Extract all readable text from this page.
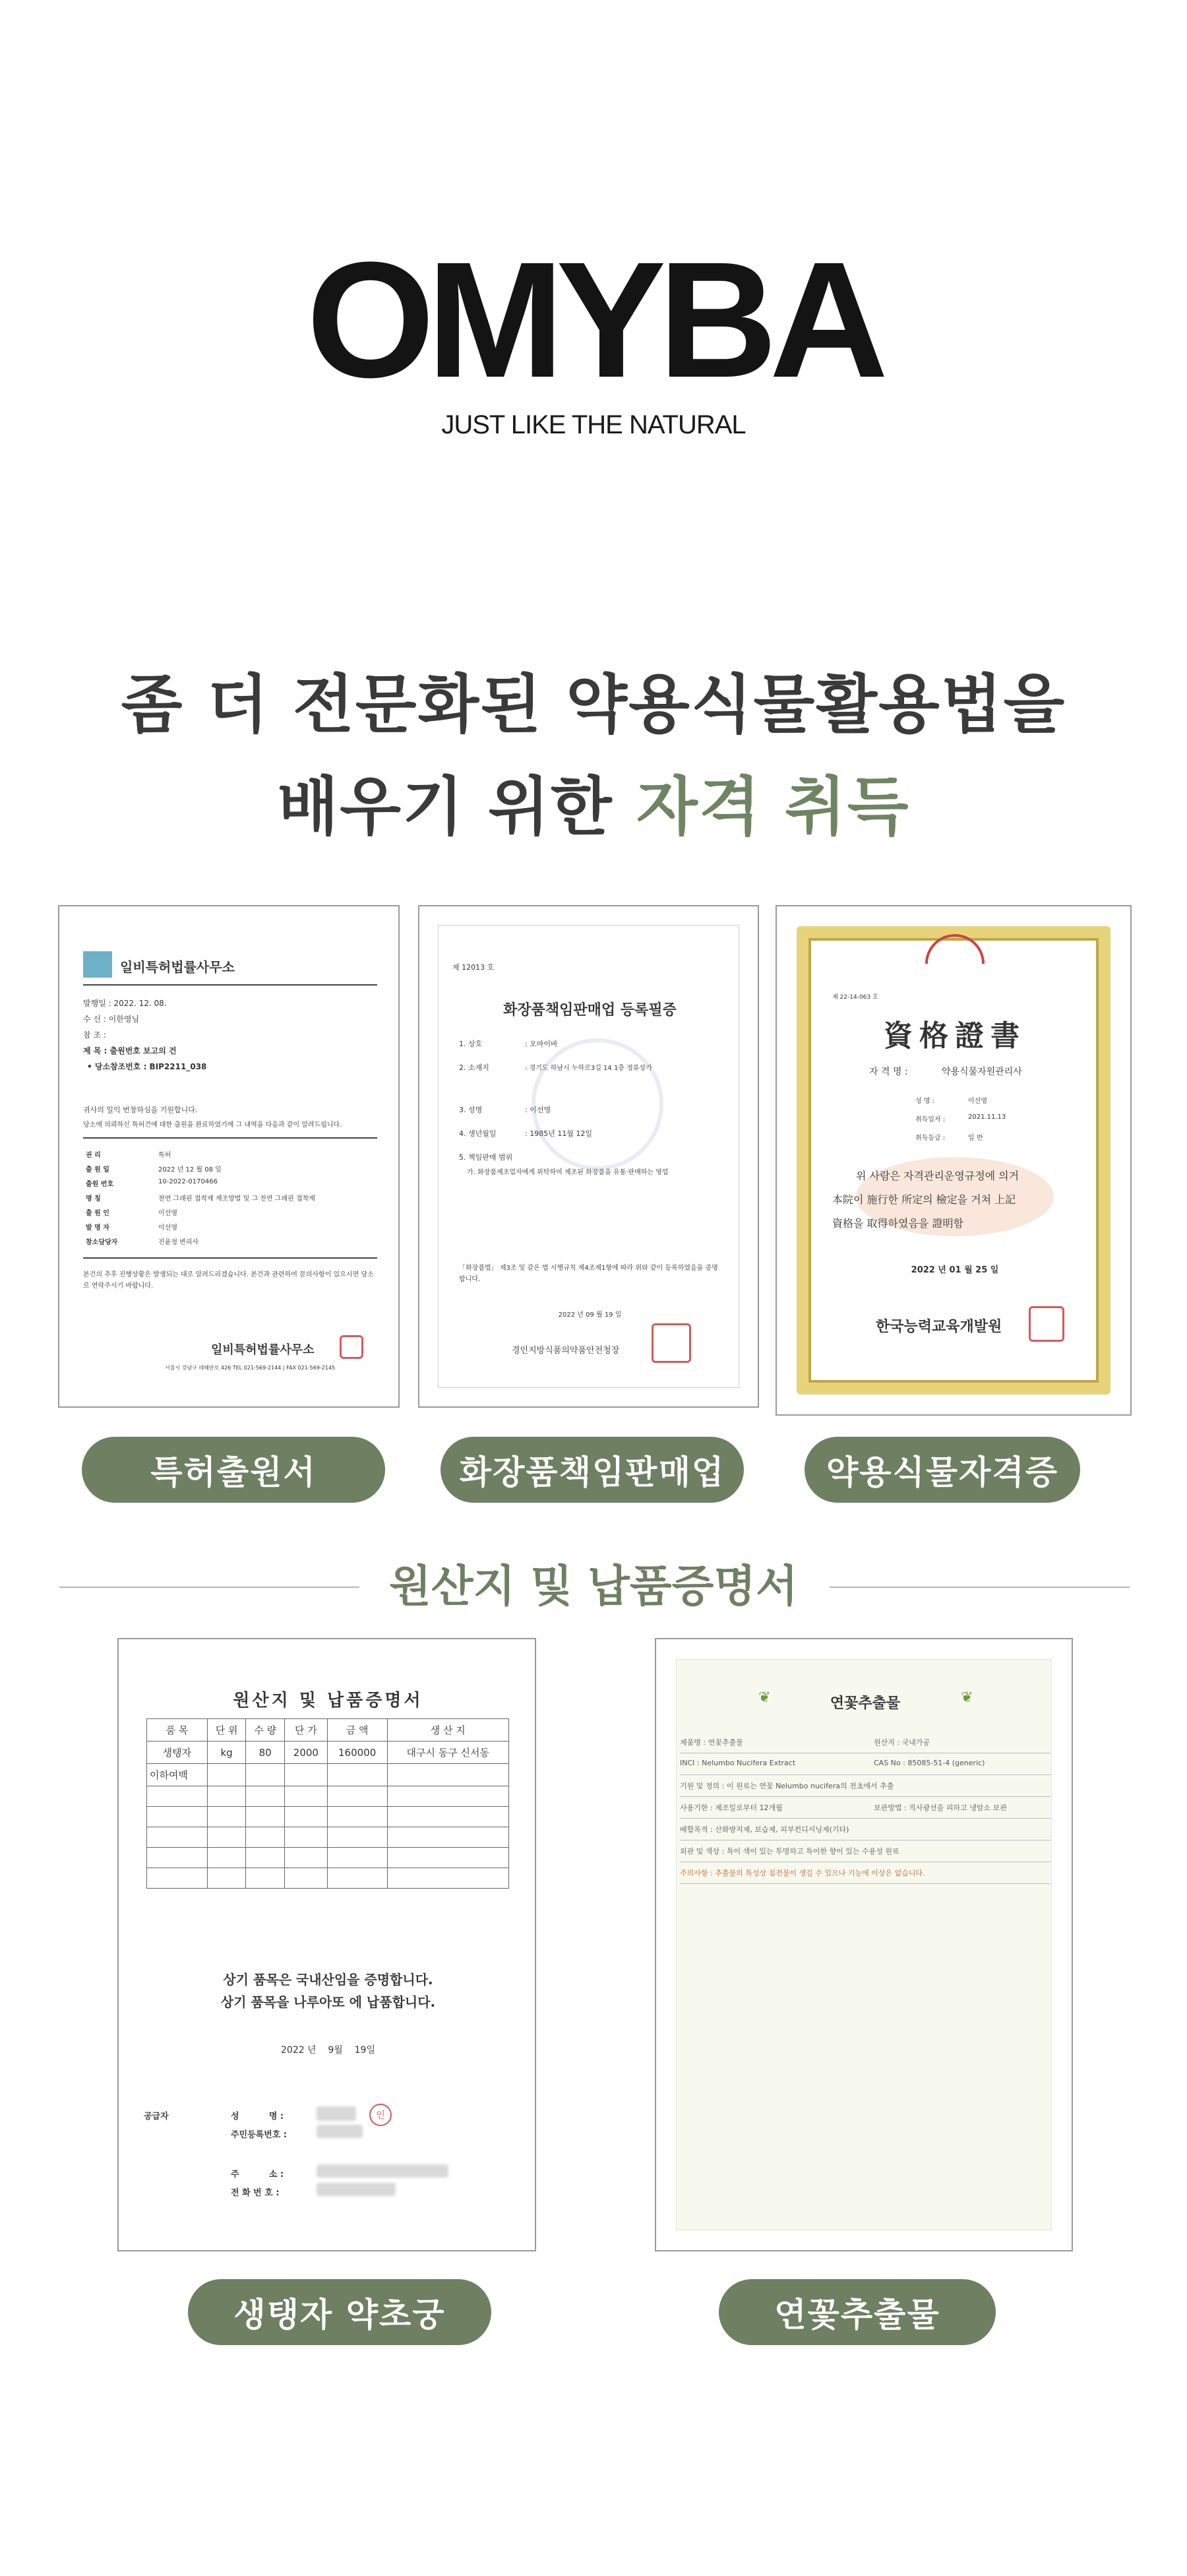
OMYBA
JUST LIKE THE NATURAL
좀 더 전문화된 약용식물활용법을
배우기 위한 자격 취득
일비특허법률사무소
발행일 : 2022. 12. 08.
수 신 : 이한영님
참 조 :
제 목 : 출원번호 보고의 건
• 당소참조번호 : BIP2211_038
귀사의 일익 번창하심을 기원합니다.
당소에 의뢰하신 특허건에 대한 출원을 완료하였기에 그 내역을 다음과 같이 알려드립니다.
권 리	특허
출 원 일	2022 년 12 월 08 일
출원 번호	10-2022-0170466
명 칭	천연 그래핀 접착제 제조방법 및 그 천연 그래핀 접착제
출 원 인	이선영
발 명 자	이선영
참소담당자	진윤정 변리사
본건의 추후 진행상황은 발생되는 대로 알려드리겠습니다. 본건과 관련하여 문의사항이 있으시면 당소로 연락주시기 바랍니다.
일비특허법률사무소
서울시 강남구 테헤란로 426 TEL 021-569-2144 | FAX 021-569-2145
제 12013 호
화장품책임판매업 등록필증
1. 상호	: 오마이바
2. 소재지	: 경기도 하남시 누하로3길 14 1층 정류상가
3. 성명	: 이선영
4. 생년월일	: 1985년 11월 12일
5. 책임판매 범위
가. 화장품제조업자에게 위탁하여 제조된 화장품을 유통·판매하는 영업
「화장품법」 제3조 및 같은 법 시행규칙 제4조제1항에 따라 위와 같이 등록하였음을 증명합니다.
2022 년 09 월 19 일
경인지방식품의약품안전청장
제 22-14-063 호
資格證書
자 격 명 :	약용식물자원관리사
성 명 :	이선영
취득일자 :	2021.11.13
취득등급 :	일 반
위 사람은 자격관리운영규정에 의거
本院이 施行한 所定의 檢定을 거쳐 上記
資格을 取得하였음을 證明함
2022 년 01 월 25 일
한국능력교육개발원
특허출원서	화장품책임판매업	약용식물자격증
원산지 및 납품증명서
원산지 및 납품증명서
품 목	단 위	수 량	단 가	금 액	생 산 지
생탱자	kg	80	2000	160000	대구시 동구 신서동
이하여백					

상기 품목은 국내산임을 증명합니다.
상기 품목을 나루아또 에 납품합니다.
2022 년    9월    19일
공급자	성          명 :	인
주민등록번호 :
주          소 :
전 화 번 호 :
❦	❦
연꽃추출물
제품명 : 연꽃추출물	원산지 : 국내가공
INCI : Nelumbo Nucifera Extract	CAS No : 85085-51-4 (generic)
기원 및 정의 : 이 원료는 연꽃 Nelumbo nucifera의 전초에서 추출
사용기한 : 제조일로부터 12개월	보관방법 : 직사광선을 피하고 냉암소 보관
배합목적 : 산화방지제, 보습제, 피부컨디셔닝제(기타)
외관 및 색상 : 특이 색이 있는 투명하고 특이한 향이 있는 수용성 원료
주의사항 : 추출물의 특성상 침전물이 생길 수 있으나 기능에 이상은 없습니다.
생탱자 약초궁	연꽃추출물
